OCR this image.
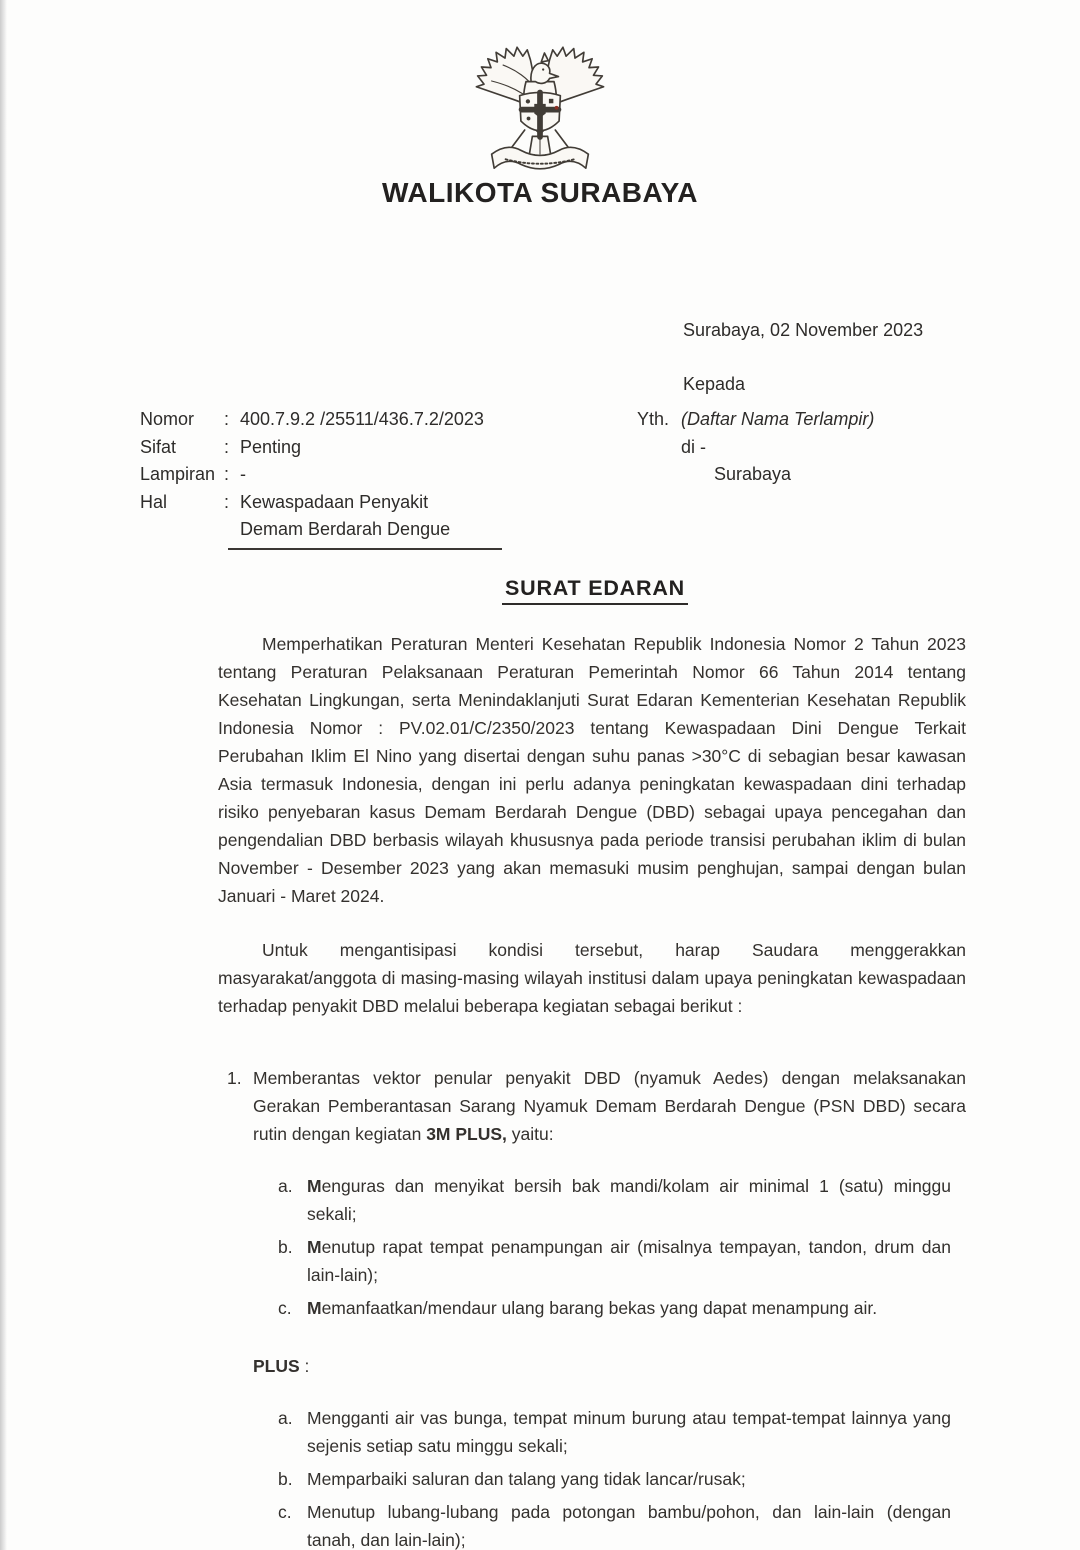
WALIKOTA SURABAYA
Surabaya, 02 November 2023
Kepada
Nomor	: 400.7.9.2 /25511/436.7.2/2023
Sifat	: Penting
Lampiran : -
Hal	: Kewaspadaan Penyakit
Demam Berdarah Dengue
Yth. (Daftar Nama Terlampir)
di -
Surabaya
SURAT EDARAN

Memperhatikan Peraturan Menteri Kesehatan Republik Indonesia Nomor 2 Tahun 2023 tentang Peraturan Pelaksanaan Peraturan Pemerintah Nomor 66 Tahun 2014 tentang Kesehatan Lingkungan, serta Menindaklanjuti Surat Edaran Kementerian Kesehatan Republik Indonesia Nomor : PV.02.01/C/2350/2023 tentang Kewaspadaan Dini Dengue Terkait Perubahan Iklim El Nino yang disertai dengan suhu panas >30°C di sebagian besar kawasan Asia termasuk Indonesia, dengan ini perlu adanya peningkatan kewaspadaan dini terhadap risiko penyebaran kasus Demam Berdarah Dengue (DBD) sebagai upaya pencegahan dan pengendalian DBD berbasis wilayah khususnya pada periode transisi perubahan iklim di bulan November - Desember 2023 yang akan memasuki musim penghujan, sampai dengan bulan Januari - Maret 2024.

Untuk mengantisipasi kondisi tersebut, harap Saudara menggerakkan masyarakat/anggota di masing-masing wilayah institusi dalam upaya peningkatan kewaspadaan terhadap penyakit DBD melalui beberapa kegiatan sebagai berikut :

1. Memberantas vektor penular penyakit DBD (nyamuk Aedes) dengan melaksanakan Gerakan Pemberantasan Sarang Nyamuk Demam Berdarah Dengue (PSN DBD) secara rutin dengan kegiatan 3M PLUS, yaitu:
a. Menguras dan menyikat bersih bak mandi/kolam air minimal 1 (satu) minggu sekali;
b. Menutup rapat tempat penampungan air (misalnya tempayan, tandon, drum dan lain-lain);
c. Memanfaatkan/mendaur ulang barang bekas yang dapat menampung air.
PLUS :
a. Mengganti air vas bunga, tempat minum burung atau tempat-tempat lainnya yang sejenis setiap satu minggu sekali;
b. Memparbaiki saluran dan talang yang tidak lancar/rusak;
c. Menutup lubang-lubang pada potongan bambu/pohon, dan lain-lain (dengan tanah, dan lain-lain);
